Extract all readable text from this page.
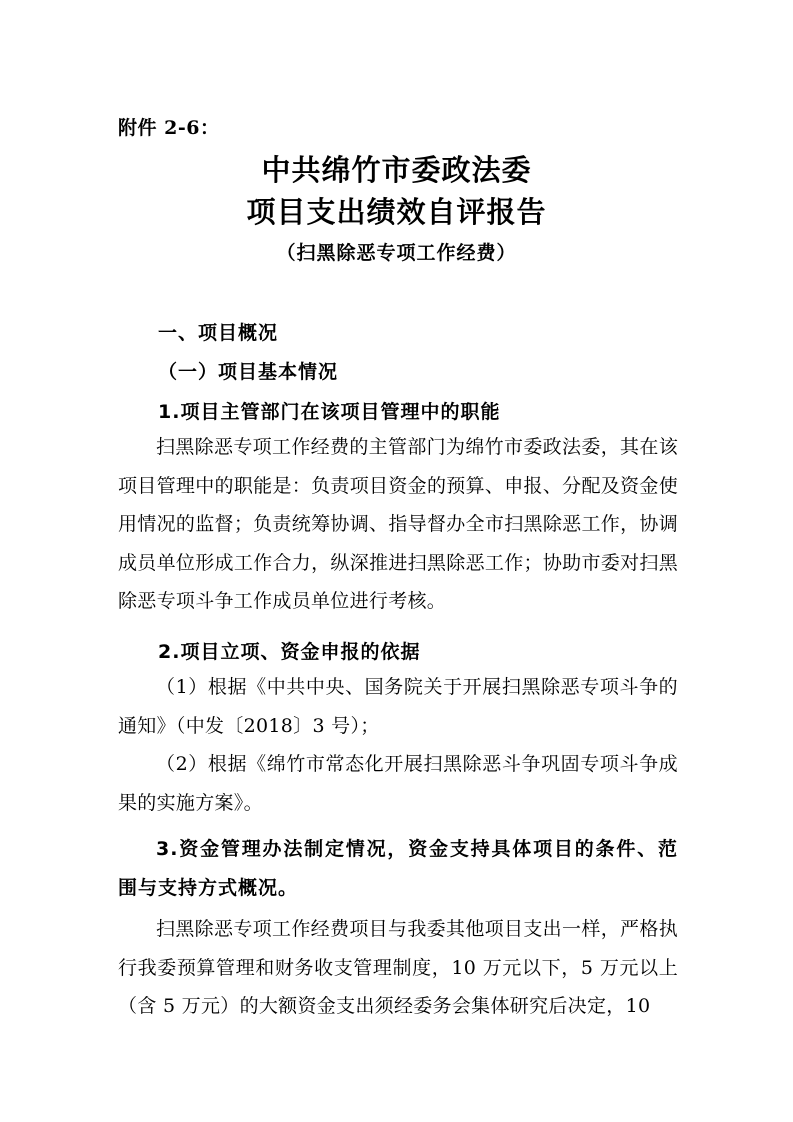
附件 2-6：
中共绵竹市委政法委
项目支出绩效自评报告
（扫黑除恶专项工作经费）
一、项目概况
（一）项目基本情况
1.项目主管部门在该项目管理中的职能

扫黑除恶专项工作经费的主管部门为绵竹市委政法委，其在该项目管理中的职能是：负责项目资金的预算、申报、分配及资金使用情况的监督；负责统筹协调、指导督办全市扫黑除恶工作，协调成员单位形成工作合力，纵深推进扫黑除恶工作；协助市委对扫黑除恶专项斗争工作成员单位进行考核。

2.项目立项、资金申报的依据

（1）根据《中共中央、国务院关于开展扫黑除恶专项斗争的通知》（中发〔2018〕3 号）；

（2）根据《绵竹市常态化开展扫黑除恶斗争巩固专项斗争成果的实施方案》。

3.资金管理办法制定情况，资金支持具体项目的条件、范围与支持方式概况。

扫黑除恶专项工作经费项目与我委其他项目支出一样，严格执行我委预算管理和财务收支管理制度，10 万元以下，5 万元以上（含 5 万元）的大额资金支出须经委务会集体研究后决定，10
